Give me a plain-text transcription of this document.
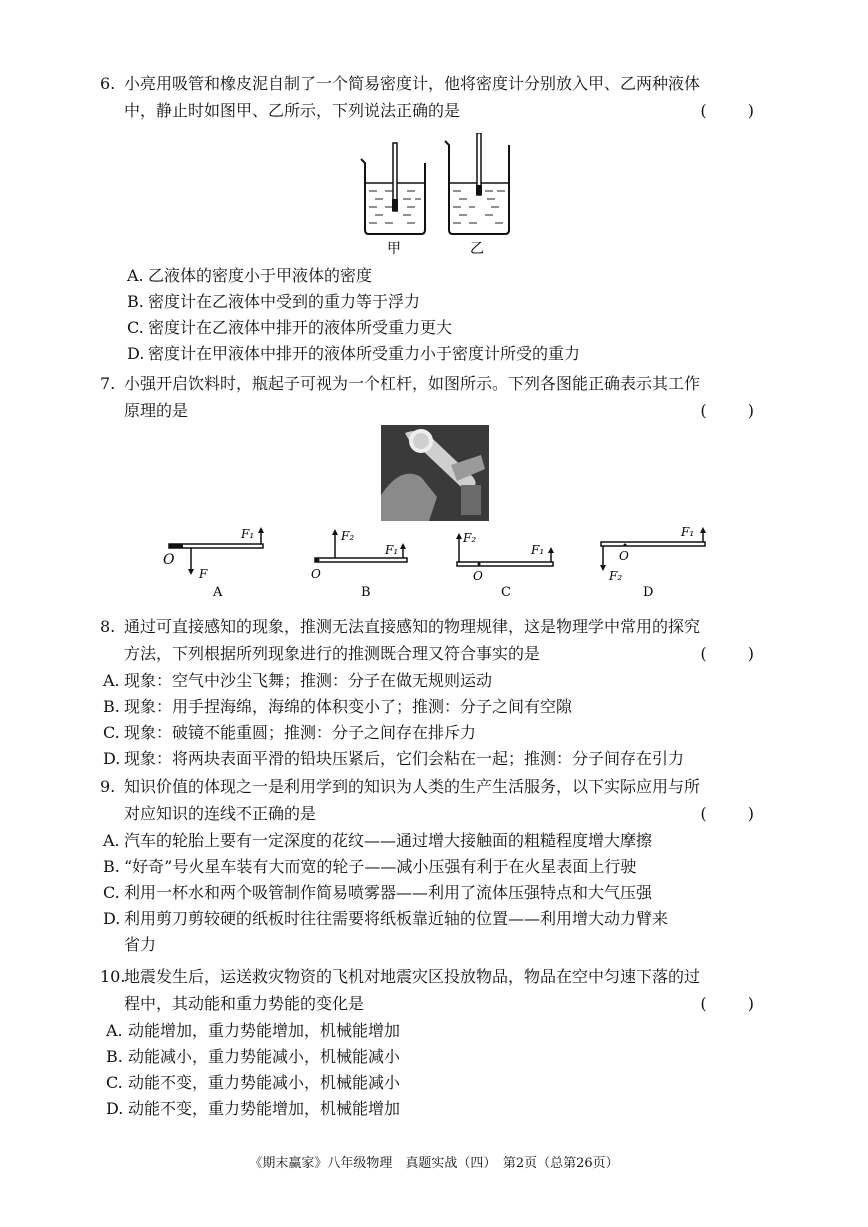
6. 小亮用吸管和橡皮泥自制了一个简易密度计，他将密度计分别放入甲、乙两种液体
中，静止时如图甲、乙所示，下列说法正确的是	( )
甲	乙
A. 乙液体的密度小于甲液体的密度
B. 密度计在乙液体中受到的重力等于浮力
C. 密度计在乙液体中排开的液体所受重力更大
D. 密度计在甲液体中排开的液体所受重力小于密度计所受的重力
7. 小强开启饮料时，瓶起子可视为一个杠杆，如图所示。下列各图能正确表示其工作
原理的是	( )
F₁
F
O
A
F₂
F₁
O
B
F₂
F₁
O
C
F₁
F₂
O
D
8. 通过可直接感知的现象，推测无法直接感知的物理规律，这是物理学中常用的探究
方法，下列根据所列现象进行的推测既合理又符合事实的是	( )
A. 现象：空气中沙尘飞舞；推测：分子在做无规则运动
B. 现象：用手捏海绵，海绵的体积变小了；推测：分子之间有空隙
C. 现象：破镜不能重圆；推测：分子之间存在排斥力
D. 现象：将两块表面平滑的铅块压紧后，它们会粘在一起；推测：分子间存在引力
9. 知识价值的体现之一是利用学到的知识为人类的生产生活服务，以下实际应用与所
对应知识的连线不正确的是	( )
A. 汽车的轮胎上要有一定深度的花纹——通过增大接触面的粗糙程度增大摩擦
B. “好奇”号火星车装有大而宽的轮子——减小压强有利于在火星表面上行驶
C. 利用一杯水和两个吸管制作简易喷雾器——利用了流体压强特点和大气压强
D. 利用剪刀剪较硬的纸板时往往需要将纸板靠近轴的位置——利用增大动力臂来
省力
10.
地震发生后，运送救灾物资的飞机对地震灾区投放物品，物品在空中匀速下落的过
程中，其动能和重力势能的变化是	( )
A. 动能增加，重力势能增加，机械能增加
B. 动能减小，重力势能减小，机械能减小
C. 动能不变，重力势能减小，机械能减小
D. 动能不变，重力势能增加，机械能增加
《期末赢家》八年级物理　真题实战（四）　第2页（总第26页）
